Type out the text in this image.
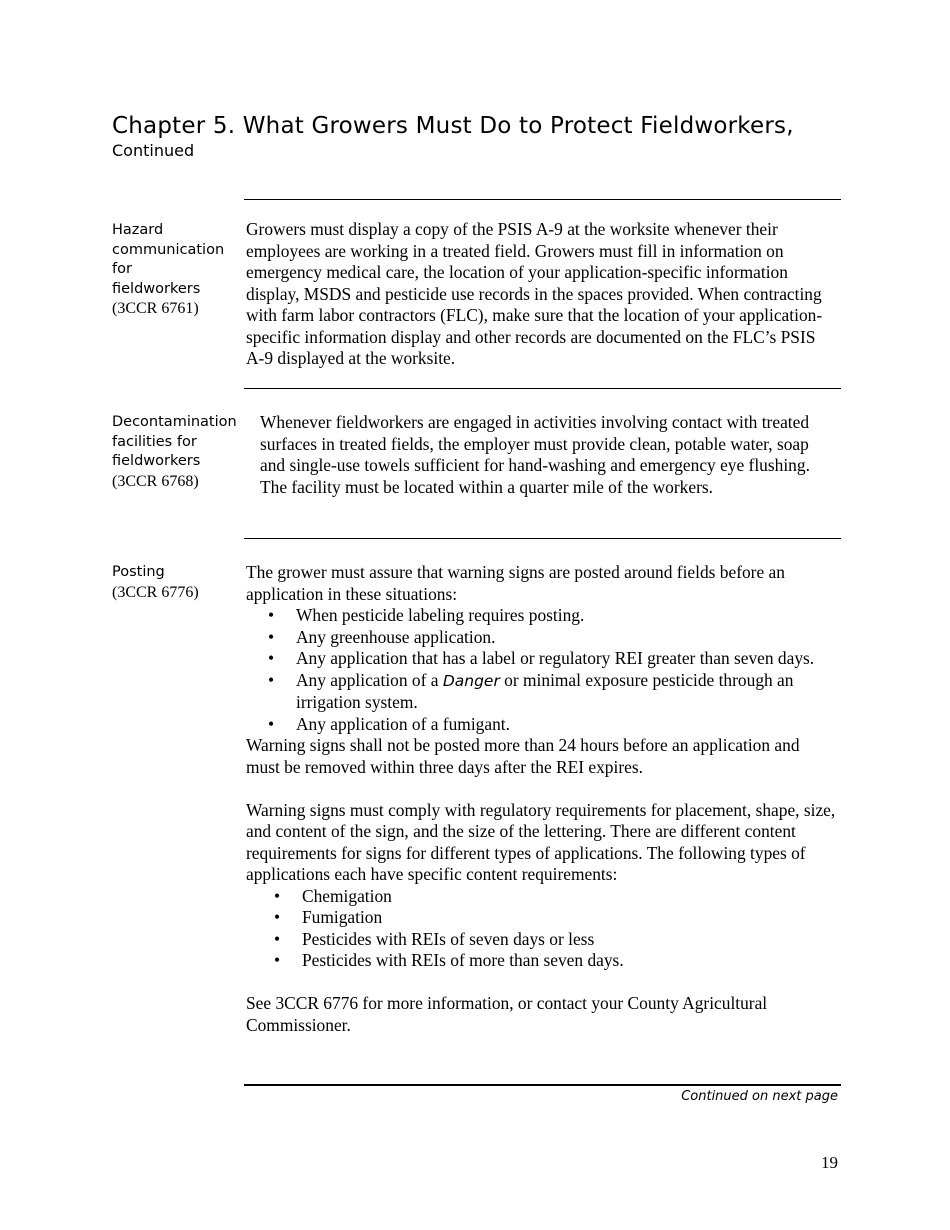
Chapter 5. What Growers Must Do to Protect Fieldworkers,
Continued
Hazard
communication
for
fieldworkers
(3CCR 6761)

Growers must display a copy of the PSIS A-9 at the worksite whenever their employees are working in a treated field. Growers must fill in information on emergency medical care, the location of your application-specific information display, MSDS and pesticide use records in the spaces provided. When contracting with farm labor contractors (FLC), make sure that the location of your application-specific information display and other records are documented on the FLC’s PSIS A-9 displayed at the worksite.

Decontamination
facilities for
fieldworkers
(3CCR 6768)

Whenever fieldworkers are engaged in activities involving contact with treated surfaces in treated fields, the employer must provide clean, potable water, soap and single-use towels sufficient for hand-washing and emergency eye flushing. The facility must be located within a quarter mile of the workers.

Posting
(3CCR 6776)

The grower must assure that warning signs are posted around fields before an application in these situations:

• When pesticide labeling requires posting.
• Any greenhouse application.
• Any application that has a label or regulatory REI greater than seven days.
• Any application of a Danger or minimal exposure pesticide through an irrigation system.
• Any application of a fumigant.

Warning signs shall not be posted more than 24 hours before an application and must be removed within three days after the REI expires.

Warning signs must comply with regulatory requirements for placement, shape, size, and content of the sign, and the size of the lettering. There are different content requirements for signs for different types of applications. The following types of applications each have specific content requirements:

• Chemigation
• Fumigation
• Pesticides with REIs of seven days or less
• Pesticides with REIs of more than seven days.

See 3CCR 6776 for more information, or contact your County Agricultural Commissioner.

Continued on next page
19
